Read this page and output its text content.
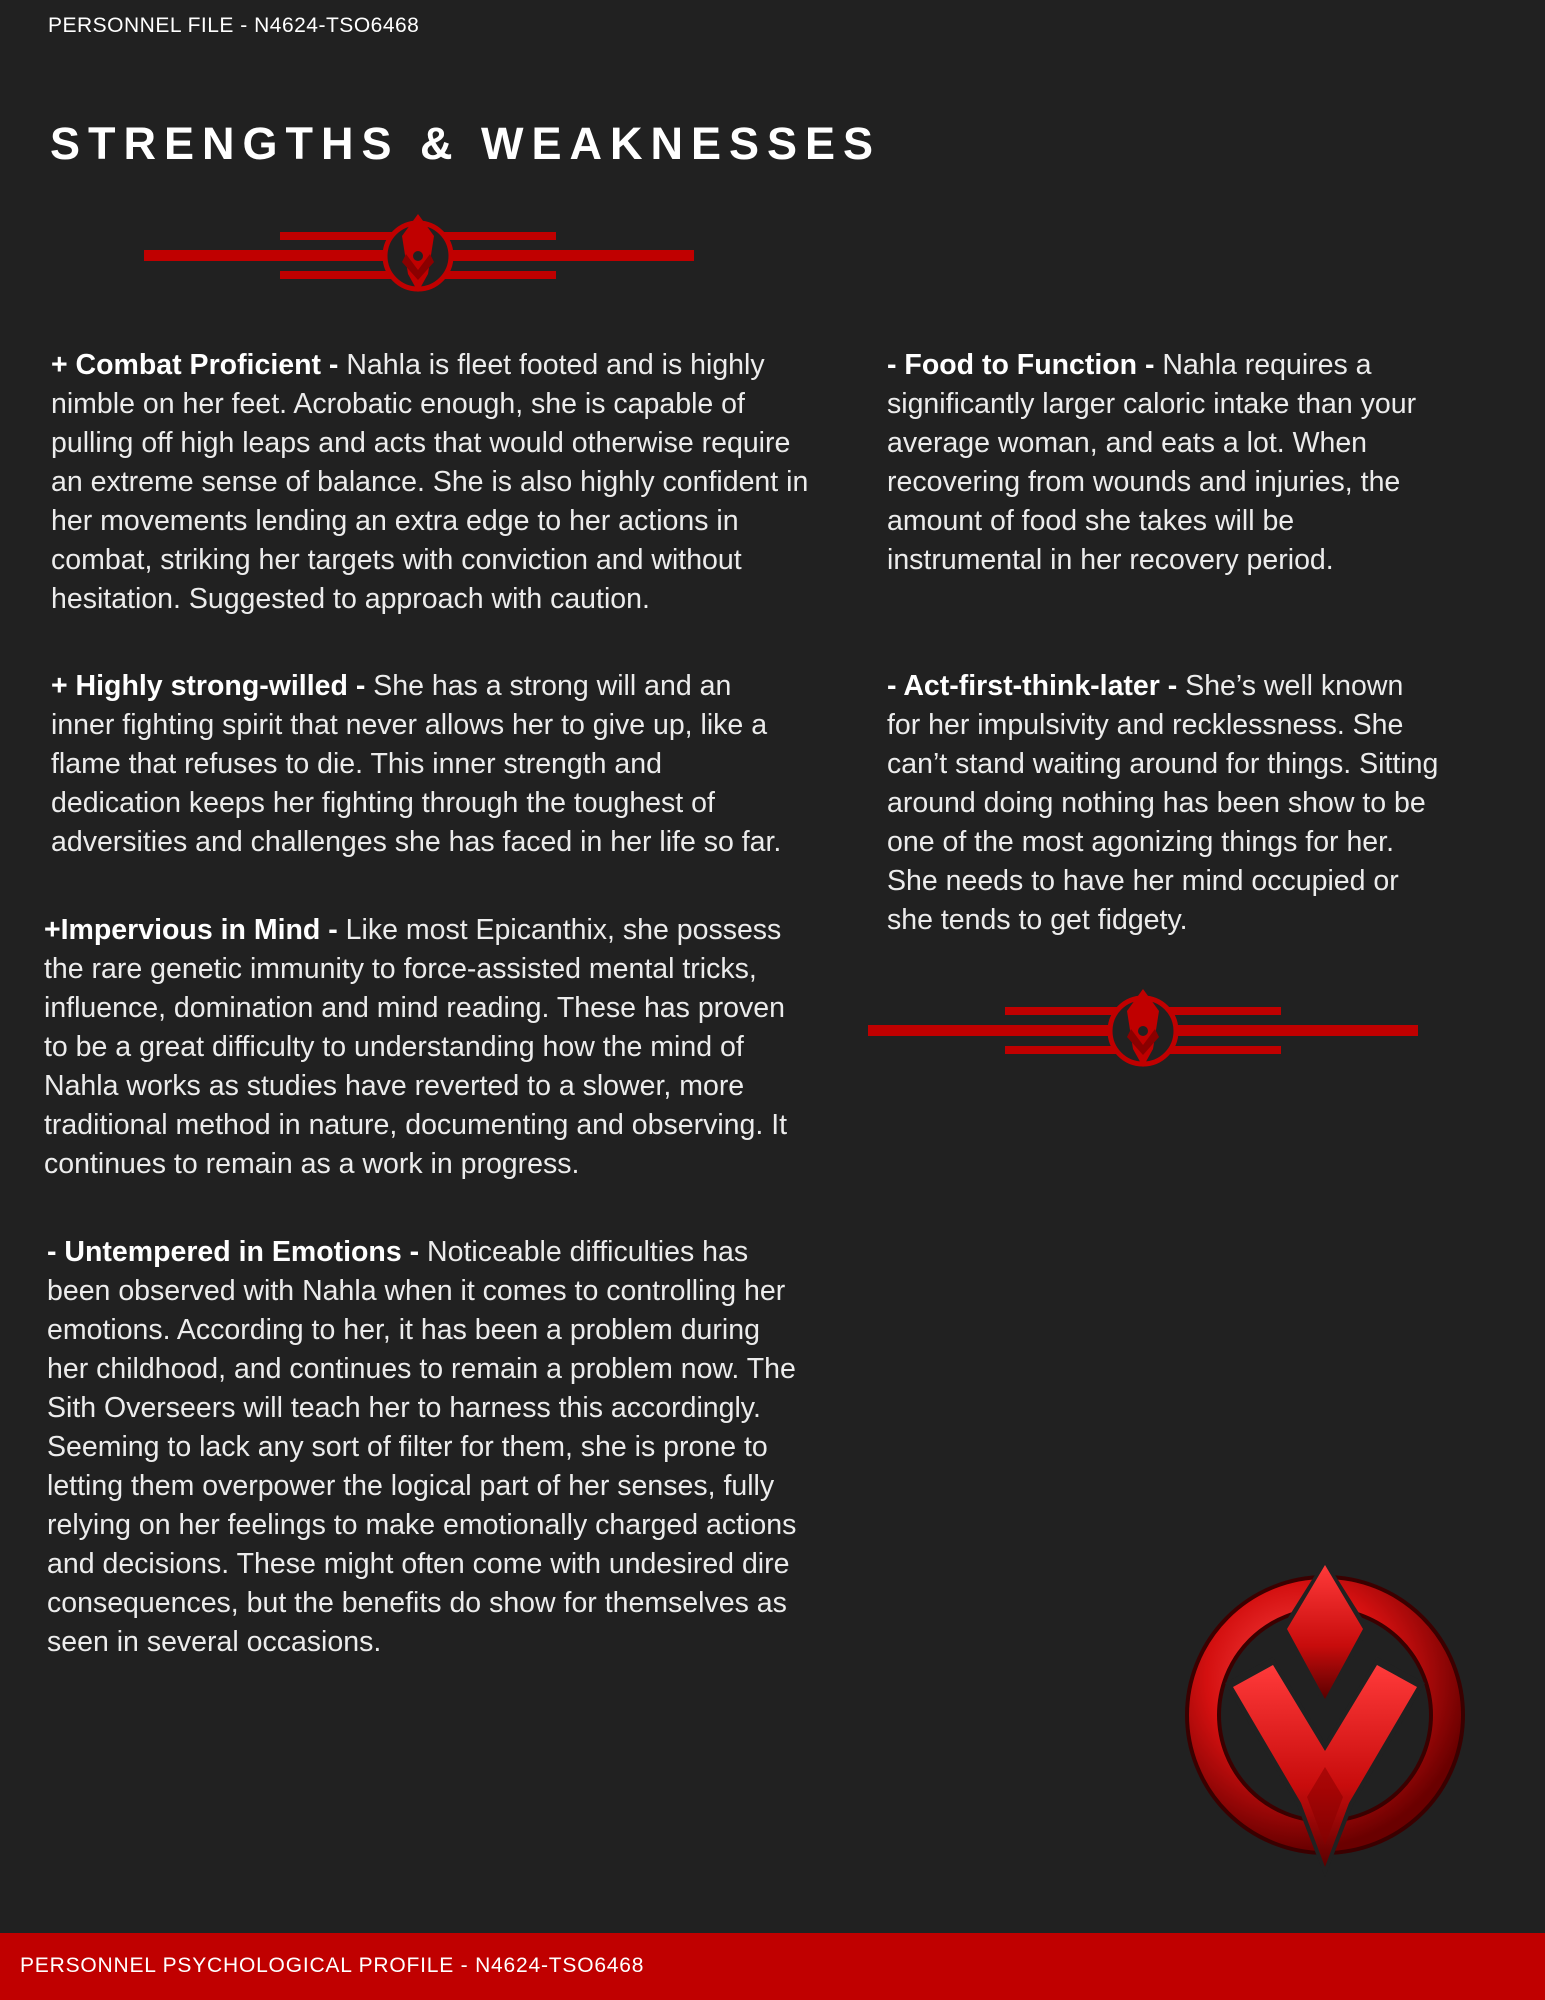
PERSONNEL FILE - N4624-TSO6468
STRENGTHS & WEAKNESSES
+ Combat Proficient - Nahla is fleet footed and is highly nimble on her feet. Acrobatic enough, she is capable of pulling off high leaps and acts that would otherwise require an extreme sense of balance. She is also highly confident in her movements lending an extra edge to her actions in combat, striking her targets with conviction and without hesitation. Suggested to approach with caution.
+ Highly strong-willed - She has a strong will and an inner fighting spirit that never allows her to give up, like a flame that refuses to die. This inner strength and dedication keeps her fighting through the toughest of adversities and challenges she has faced in her life so far.
+Impervious in Mind - Like most Epicanthix, she possess the rare genetic immunity to force-assisted mental tricks, influence, domination and mind reading. These has proven to be a great difficulty to understanding how the mind of Nahla works as studies have reverted to a slower, more traditional method in nature, documenting and observing. It continues to remain as a work in progress.
- Untempered in Emotions - Noticeable difficulties has been observed with Nahla when it comes to controlling her emotions. According to her, it has been a problem during her childhood, and continues to remain a problem now. The Sith Overseers will teach her to harness this accordingly. Seeming to lack any sort of filter for them, she is prone to letting them overpower the logical part of her senses, fully relying on her feelings to make emotionally charged actions and decisions. These might often come with undesired dire consequences, but the benefits do show for themselves as seen in several occasions.
- Food to Function - Nahla requires a significantly larger caloric intake than your average woman, and eats a lot. When recovering from wounds and injuries, the amount of food she takes will be instrumental in her recovery period.
- Act-first-think-later - She’s well known for her impulsivity and recklessness. She can’t stand waiting around for things. Sitting around doing nothing has been show to be one of the most agonizing things for her. She needs to have her mind occupied or she tends to get fidgety.
PERSONNEL PSYCHOLOGICAL PROFILE - N4624-TSO6468
